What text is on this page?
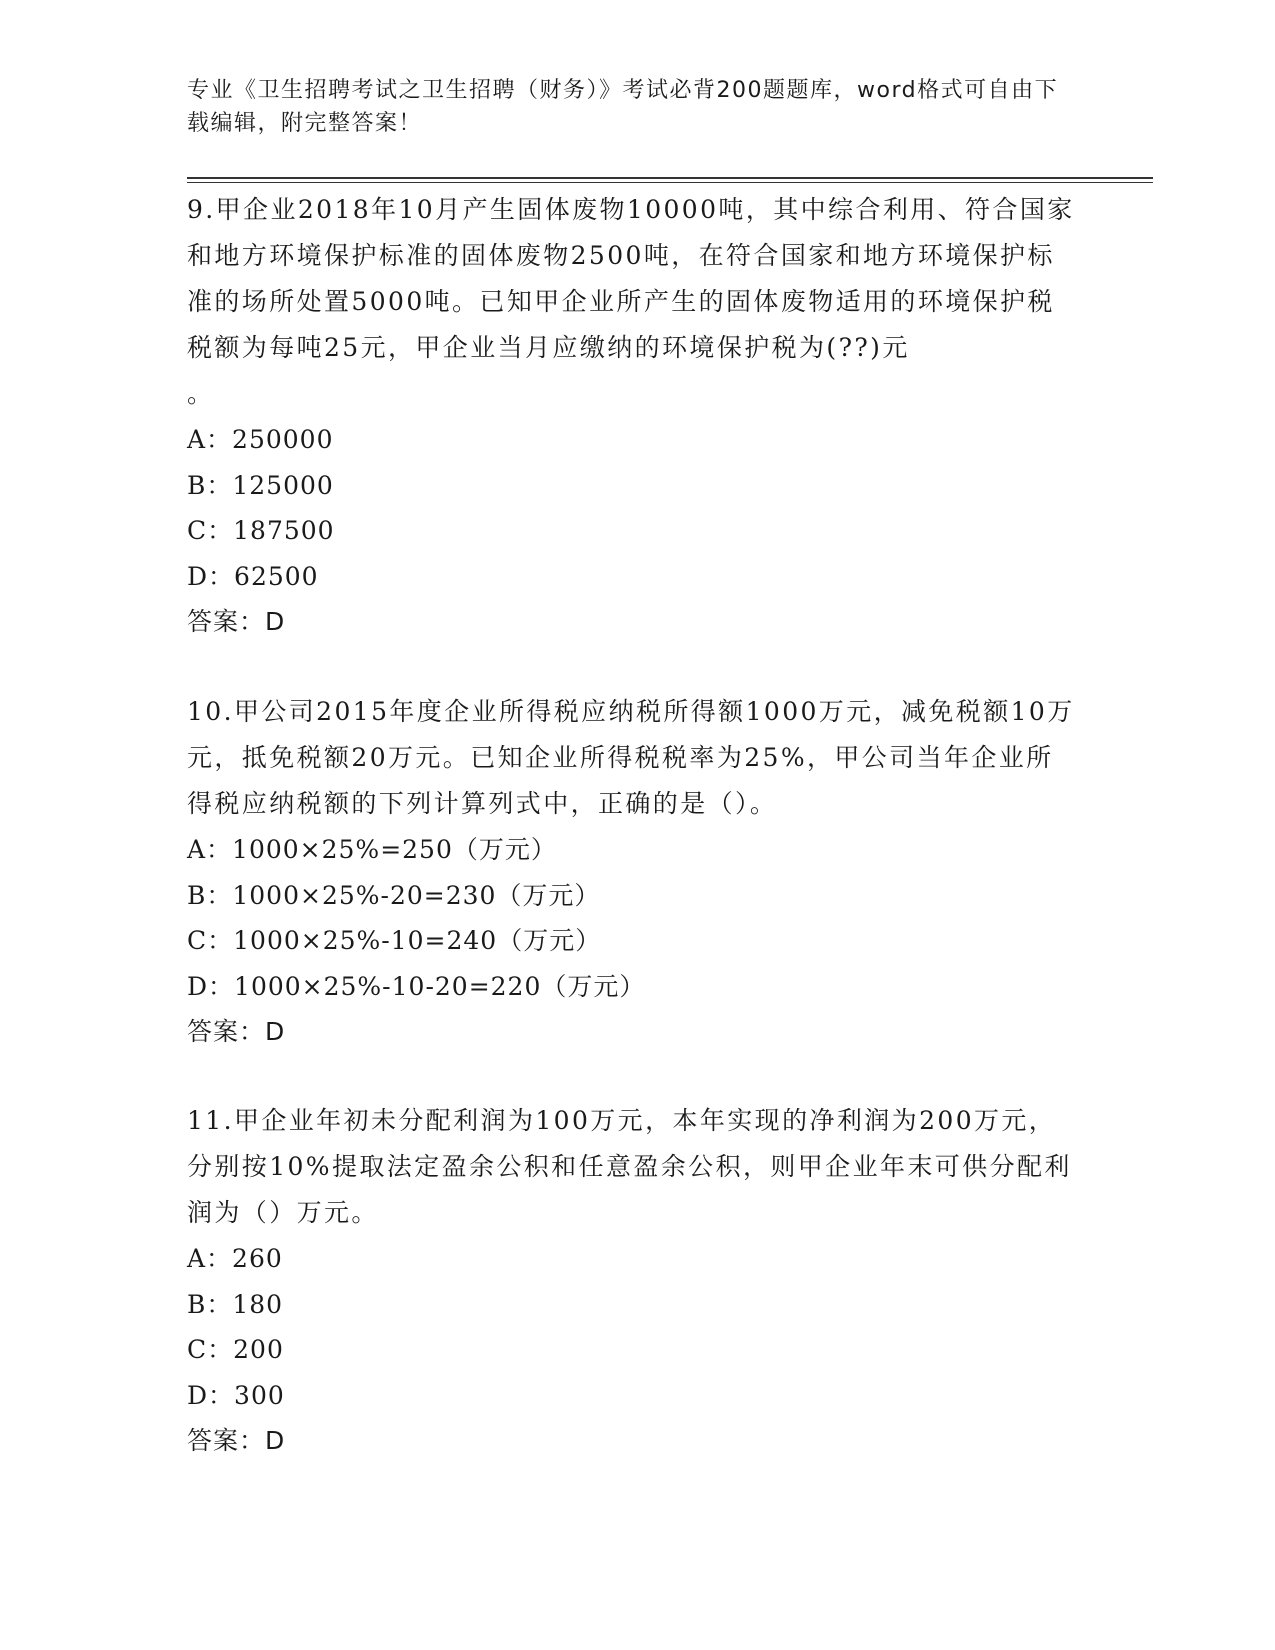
专业《卫生招聘考试之卫生招聘（财务）》考试必背200题题库，word格式可自由下载编辑，附完整答案！
9.甲企业2018年10月产生固体废物10000吨，其中综合利用、符合国家和地方环境保护标准的固体废物2500吨，在符合国家和地方环境保护标准的场所处置5000吨。已知甲企业所产生的固体废物适用的环境保护税税额为每吨25元，甲企业当月应缴纳的环境保护税为(??)元
。
A：250000
B：125000
C：187500
D：62500
答案：D
10.甲公司2015年度企业所得税应纳税所得额1000万元，减免税额10万元，抵免税额20万元。已知企业所得税税率为25%，甲公司当年企业所得税应纳税额的下列计算列式中，正确的是（）。
A：1000×25%=250（万元）
B：1000×25%-20=230（万元）
C：1000×25%-10=240（万元）
D：1000×25%-10-20=220（万元）
答案：D
11.甲企业年初未分配利润为100万元，本年实现的净利润为200万元，分别按10%提取法定盈余公积和任意盈余公积，则甲企业年末可供分配利润为（）万元。
A：260
B：180
C：200
D：300
答案：D
